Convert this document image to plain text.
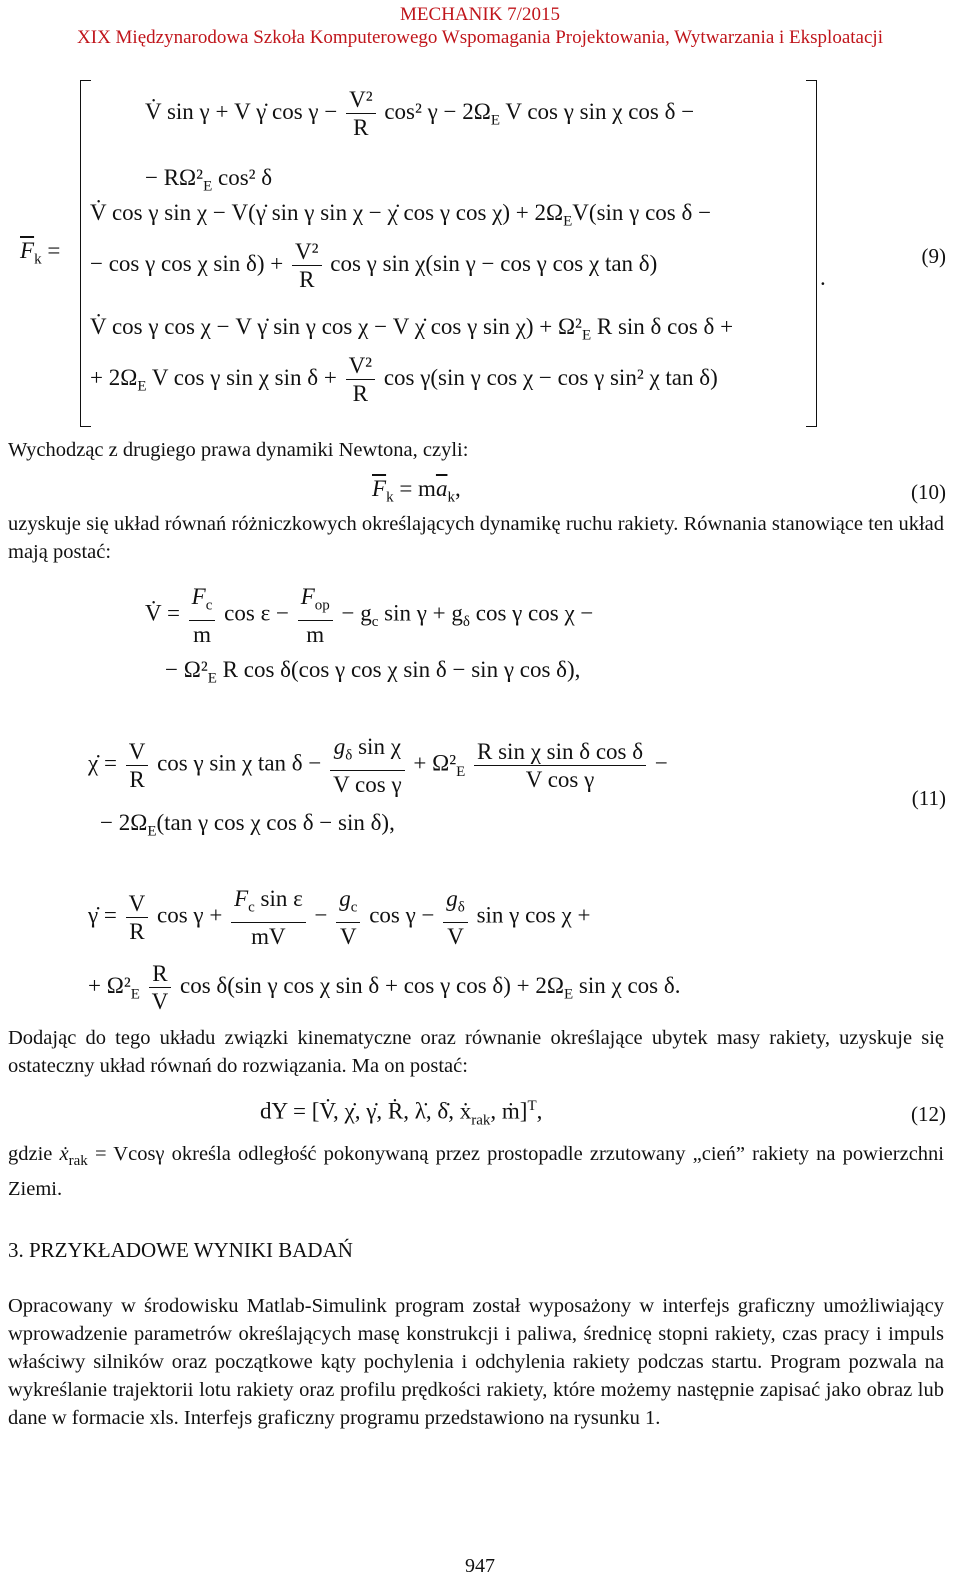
MECHANIK 7/2015
XIX Międzynarodowa Szkoła Komputerowego Wspomagania Projektowania, Wytwarzania i Eksploatacji
$\overline{F}_k$ =
V̇ sin γ + V γ̇ $\cos \gamma - \frac{\text{V²}}{R} \cos^2$ $\gamma - 2\Omega_E$ V cos γ sin χ cos δ −
− $R\Omega^2_E$ cos² δ
V̇ cos γ sin χ − V(γ̇ sin γ sin χ − χ̇ cos γ $\cos \chi) + 2\Omega_EV(\sin$ γ cos δ −
− cos γ cos χ $\sin \delta) + \frac{\text{V²}}{R}$ cos γ sin χ(sin γ − cos γ cos χ tan δ)
.
V̇ cos γ cos χ − V γ̇ sin γ cos χ − V χ̇ cos γ $\sin \chi) + \Omega^2_E$ R sin δ cos δ +
+ $2\Omega_E$ V cos γ sin χ $\sin \delta + \frac{\text{V²}}{R}$ cos γ(sin γ cos χ − cos γ sin² χ tan δ)
(9)
Wychodząc z drugiego prawa dynamiki Newtona, czyli:
$\overline{F}_k = m\overline{a}_k$,	(10)
uzyskuje się układ równań różniczkowych określających dynamikę ruchu rakiety. Równania stanowiące ten układ mają postać:
V̇ = $\frac{F_c}{m}$ $\cos \varepsilon - \frac{F_{op}}{m} - g_c$ $\sin \gamma + g_\delta$ cos γ cos χ −
− $\Omega^2_E$ R cos δ(cos γ cos χ sin δ − sin γ cos δ),
χ̇ = $\frac{V}{R}$ cos γ sin χ $\tan \delta - \frac{g_\delta \sin \chi}{\text{V cos γ}} + \Omega^2_E \frac{\text{R sin χ sin δ cos δ}}{\text{V cos γ}}$ −
− $2\Omega_E(\tan$ γ cos χ cos δ − sin δ),
(11)
γ̇ = $\frac{V}{R}$ $\cos \gamma + \frac{F_c \sin \varepsilon}{mV} - \frac{g_c}{V}$ $\cos \gamma - \frac{g_\delta}{V}$ sin γ cos χ +
+ $\Omega^2_E \frac{R}{V}$ cos δ(sin γ cos χ sin δ + cos γ $\cos \delta) + 2\Omega_E$ sin χ cos δ.
Dodając do tego układu związki kinematyczne oraz równanie określające ubytek masy rakiety, uzyskuje się ostateczny układ równań do rozwiązania. Ma on postać:
dY = [V̇, χ̇, γ̇, Ṙ, λ̇, δ̇, ẋ$_{rak}$, ṁ]$^T$,	(12)
gdzie ẋ$_{rak}$ = Vcosγ określa odległość pokonywaną przez prostopadle zrzutowany „cień” rakiety na powierzchni Ziemi.
3. PRZYKŁADOWE WYNIKI BADAŃ
Opracowany w środowisku Matlab-Simulink program został wyposażony w interfejs graficzny umożliwiający wprowadzenie parametrów określających masę konstrukcji i paliwa, średnicę stopni rakiety, czas pracy i impuls właściwy silników oraz początkowe kąty pochylenia i odchylenia rakiety podczas startu. Program pozwala na wykreślanie trajektorii lotu rakiety oraz profilu prędkości rakiety, które możemy następnie zapisać jako obraz lub dane w formacie xls. Interfejs graficzny programu przedstawiono na rysunku 1.
947
